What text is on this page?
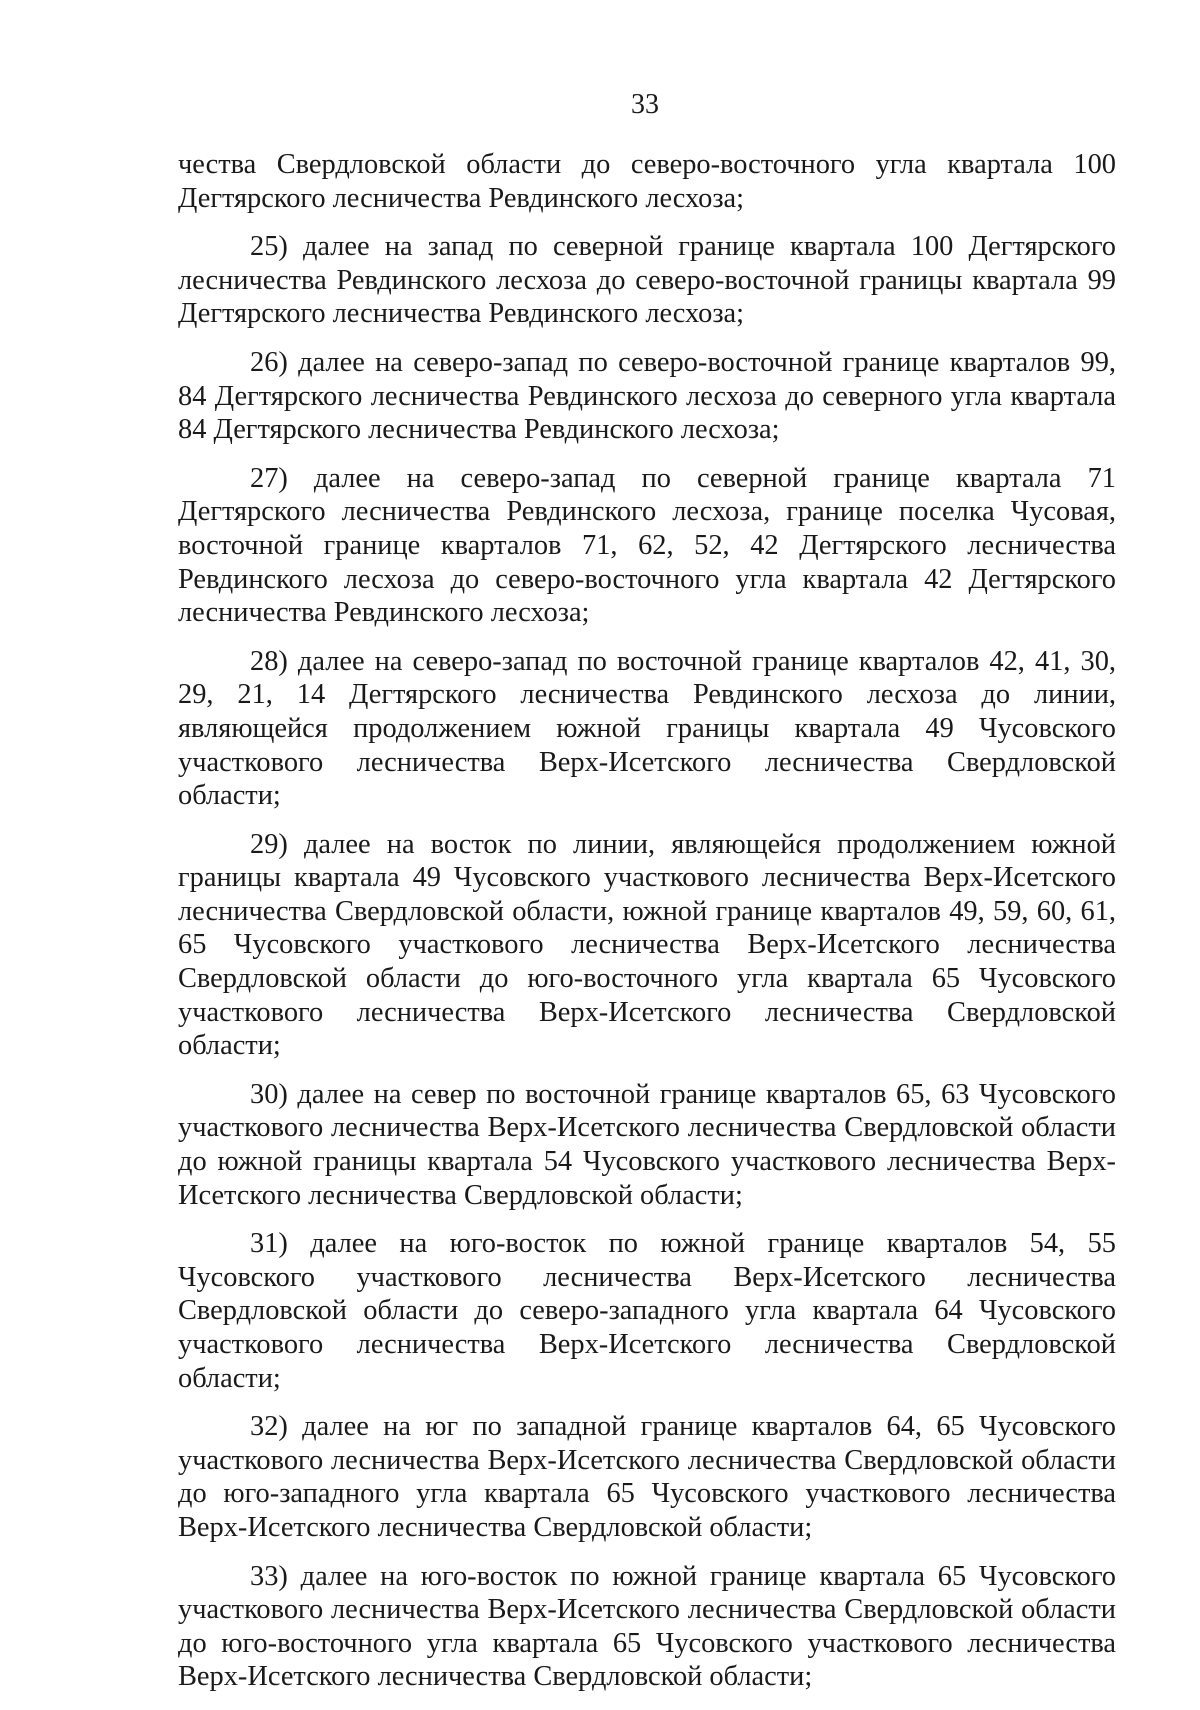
33

чества Свердловской области до северо-восточного угла квартала 100 Дегтярского лесничества Ревдинского лесхоза;

25) далее на запад по северной границе квартала 100 Дегтярского лесничества Ревдинского лесхоза до северо-восточной границы квартала 99 Дегтярского лесничества Ревдинского лесхоза;

26) далее на северо-запад по северо-восточной границе кварталов 99, 84 Дегтярского лесничества Ревдинского лесхоза до северного угла квартала 84 Дегтярского лесничества Ревдинского лесхоза;

27) далее на северо-запад по северной границе квартала 71 Дегтярского лесничества Ревдинского лесхоза, границе поселка Чусовая, восточной границе кварталов 71, 62, 52, 42 Дегтярского лесничества Ревдинского лесхоза до северо-восточного угла квартала 42 Дегтярского лесничества Ревдинского лесхоза;

28) далее на северо-запад по восточной границе кварталов 42, 41, 30, 29, 21, 14 Дегтярского лесничества Ревдинского лесхоза до линии, являющейся продолжением южной границы квартала 49 Чусовского участкового лесничества Верх-Исетского лесничества Свердловской области;

29) далее на восток по линии, являющейся продолжением южной границы квартала 49 Чусовского участкового лесничества Верх-Исетского лесничества Свердловской области, южной границе кварталов 49, 59, 60, 61, 65 Чусовского участкового лесничества Верх-Исетского лесничества Свердловской области до юго-восточного угла квартала 65 Чусовского участкового лесничества Верх-Исетского лесничества Свердловской области;

30) далее на север по восточной границе кварталов 65, 63 Чусовского участкового лесничества Верх-Исетского лесничества Свердловской области до южной границы квартала 54 Чусовского участкового лесничества Верх-Исетского лесничества Свердловской области;

31) далее на юго-восток по южной границе кварталов 54, 55 Чусовского участкового лесничества Верх-Исетского лесничества Свердловской области до северо-западного угла квартала 64 Чусовского участкового лесничества Верх-Исетского лесничества Свердловской области;

32) далее на юг по западной границе кварталов 64, 65 Чусовского участкового лесничества Верх-Исетского лесничества Свердловской области до юго-западного угла квартала 65 Чусовского участкового лесничества Верх-Исетского лесничества Свердловской области;

33) далее на юго-восток по южной границе квартала 65 Чусовского участкового лесничества Верх-Исетского лесничества Свердловской области до юго-восточного угла квартала 65 Чусовского участкового лесничества Верх-Исетского лесничества Свердловской области;
